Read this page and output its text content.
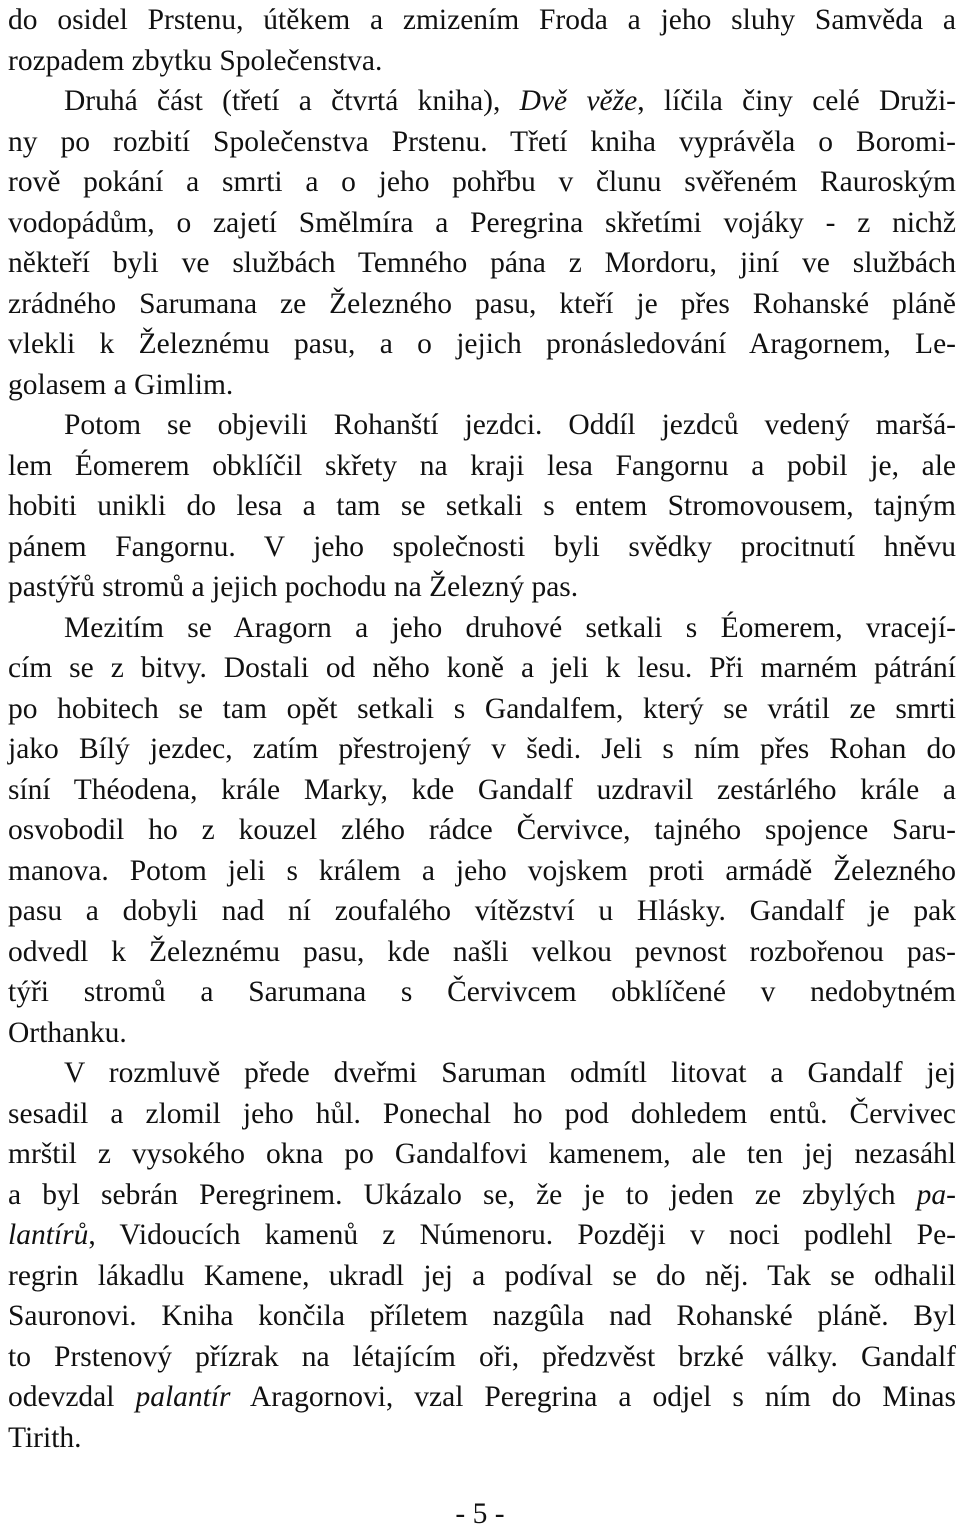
do osidel Prstenu, útěkem a zmizením Froda a jeho sluhy Samvěda a
rozpadem zbytku Společenstva.
Druhá část (třetí a čtvrtá kniha), Dvě věže, líčila činy celé Druži-
ny po rozbití Společenstva Prstenu. Třetí kniha vyprávěla o Boromi-
rově pokání a smrti a o jeho pohřbu v člunu svěřeném Rauroským
vodopádům, o zajetí Smělmíra a Peregrina skřetími vojáky - z nichž
někteří byli ve službách Temného pána z Mordoru, jiní ve službách
zrádného Sarumana ze Železného pasu, kteří je přes Rohanské pláně
vlekli k Železnému pasu, a o jejich pronásledování Aragornem, Le-
golasem a Gimlim.
Potom se objevili Rohanští jezdci. Oddíl jezdců vedený maršá-
lem Éomerem obklíčil skřety na kraji lesa Fangornu a pobil je, ale
hobiti unikli do lesa a tam se setkali s entem Stromovousem, tajným
pánem Fangornu. V jeho společnosti byli svědky procitnutí hněvu
pastýřů stromů a jejich pochodu na Železný pas.
Mezitím se Aragorn a jeho druhové setkali s Éomerem, vracejí-
cím se z bitvy. Dostali od něho koně a jeli k lesu. Při marném pátrání
po hobitech se tam opět setkali s Gandalfem, který se vrátil ze smrti
jako Bílý jezdec, zatím přestrojený v šedi. Jeli s ním přes Rohan do
síní Théodena, krále Marky, kde Gandalf uzdravil zestárlého krále a
osvobodil ho z kouzel zlého rádce Červivce, tajného spojence Saru-
manova. Potom jeli s králem a jeho vojskem proti armádě Železného
pasu a dobyli nad ní zoufalého vítězství u Hlásky. Gandalf je pak
odvedl k Železnému pasu, kde našli velkou pevnost rozbořenou pas-
týři stromů a Sarumana s Červivcem obklíčené v nedobytném
Orthanku.
V rozmluvě přede dveřmi Saruman odmítl litovat a Gandalf jej
sesadil a zlomil jeho hůl. Ponechal ho pod dohledem entů. Červivec
mrštil z vysokého okna po Gandalfovi kamenem, ale ten jej nezasáhl
a byl sebrán Peregrinem. Ukázalo se, že je to jeden ze zbylých pa-
lantírů, Vidoucích kamenů z Númenoru. Později v noci podlehl Pe-
regrin lákadlu Kamene, ukradl jej a podíval se do něj. Tak se odhalil
Sauronovi. Kniha končila příletem nazgûla nad Rohanské pláně. Byl
to Prstenový přízrak na létajícím oři, předzvěst brzké války. Gandalf
odevzdal palantír Aragornovi, vzal Peregrina a odjel s ním do Minas
Tirith.
- 5 -
